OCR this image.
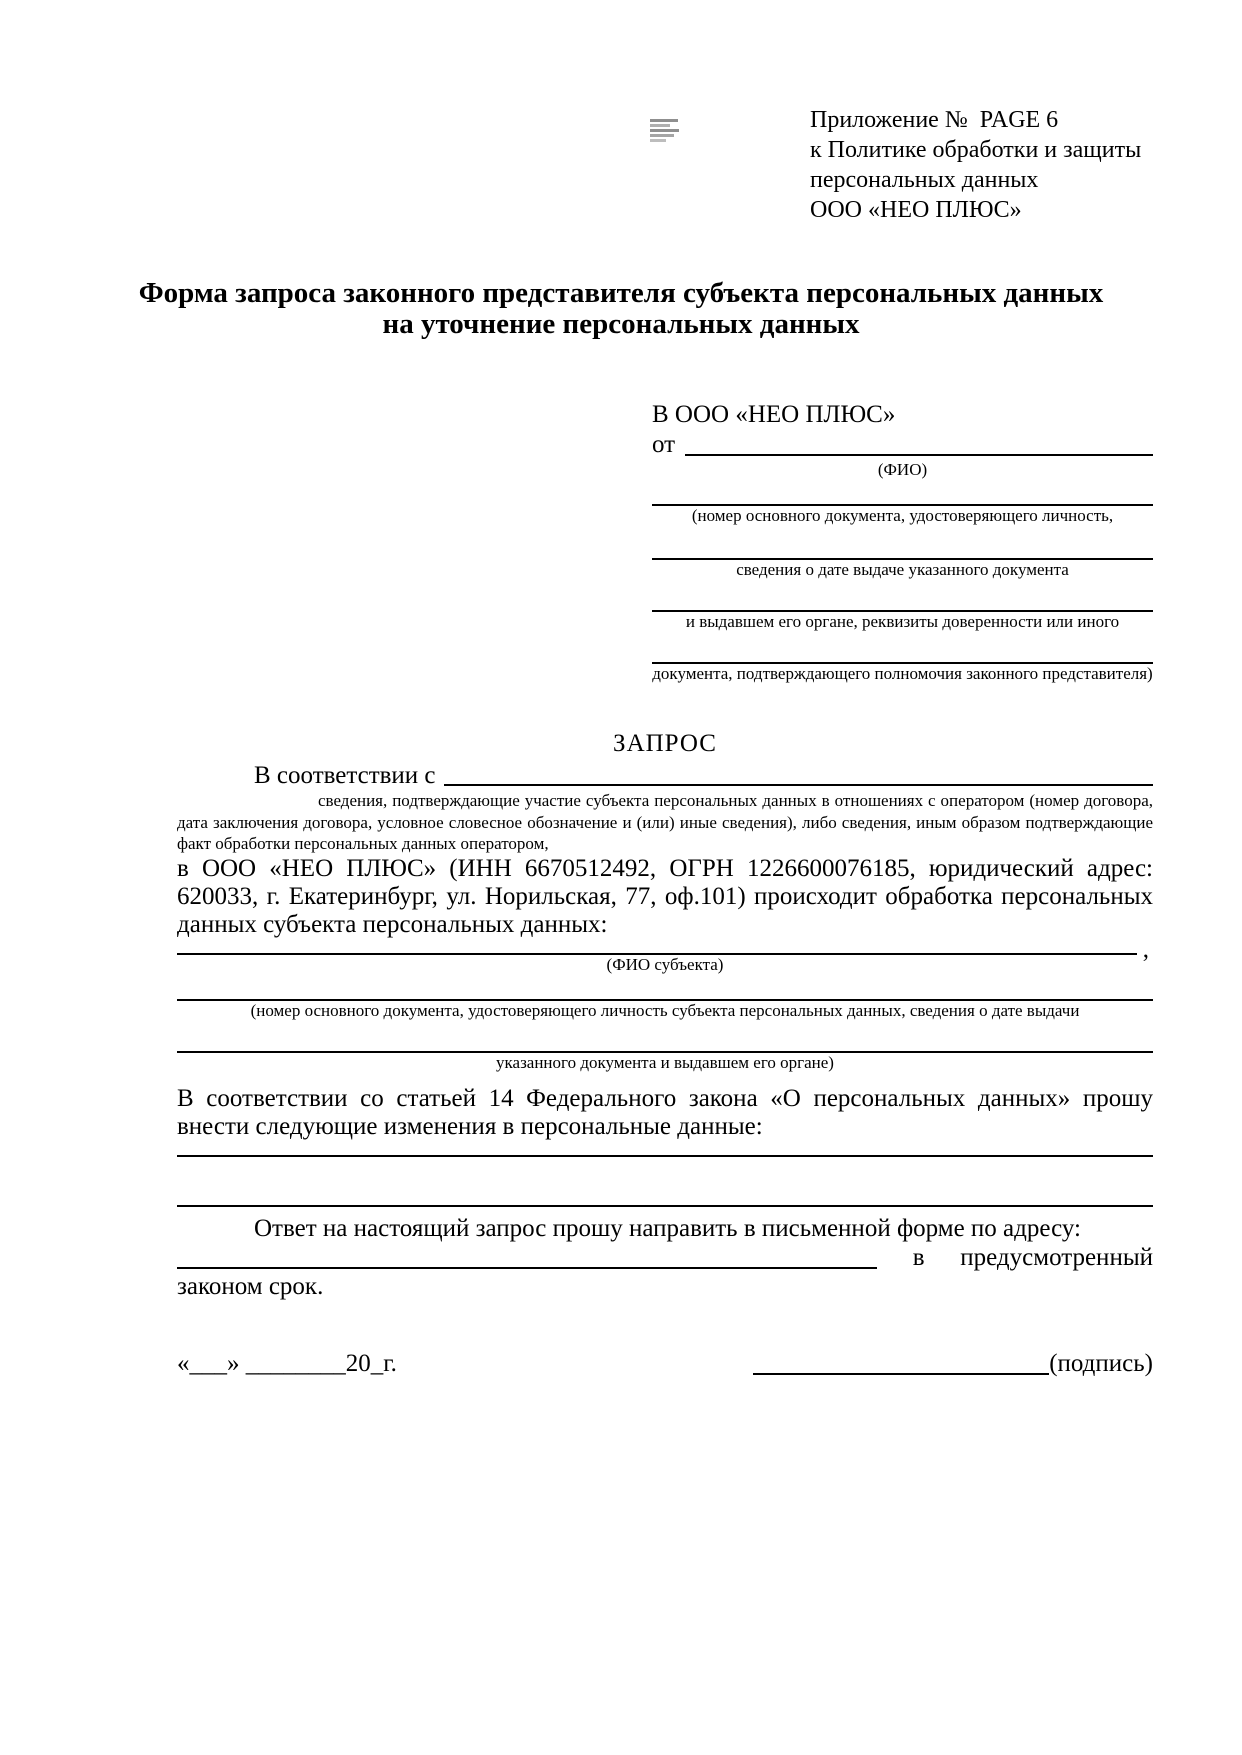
Приложение №  PAGE 6
к Политике обработки и защиты
персональных данных
ООО «НЕО ПЛЮС»
Форма запроса законного представителя субъекта персональных данных
на уточнение персональных данных
В ООО «НЕО ПЛЮС»
от
(ФИО)
(номер основного документа, удостоверяющего личность,
сведения о дате выдаче указанного документа
и выдавшем его органе, реквизиты доверенности или иного
документа, подтверждающего полномочия законного представителя)
ЗАПРОС
В соответствии с
сведения, подтверждающие участие субъекта персональных данных в отношениях с оператором (номер договора, дата заключения договора, условное словесное обозначение и (или) иные сведения), либо сведения, иным образом подтверждающие факт обработки персональных данных оператором,
в ООО «НЕО ПЛЮС» (ИНН 6670512492, ОГРН 1226600076185, юридический адрес: 620033, г. Екатеринбург, ул. Норильская, 77, оф.101) происходит обработка персональных данных субъекта персональных данных:
,
(ФИО субъекта)
(номер основного документа, удостоверяющего личность субъекта персональных данных, сведения о дате выдачи
указанного документа и выдавшем его органе)
В соответствии со статьей 14 Федерального закона «О персональных данных» прошу внести следующие изменения в персональные данные:
Ответ на настоящий запрос прошу направить в письменной форме по адресу:
в предусмотренный
законом срок.
«___» ________20_г.	(подпись)
